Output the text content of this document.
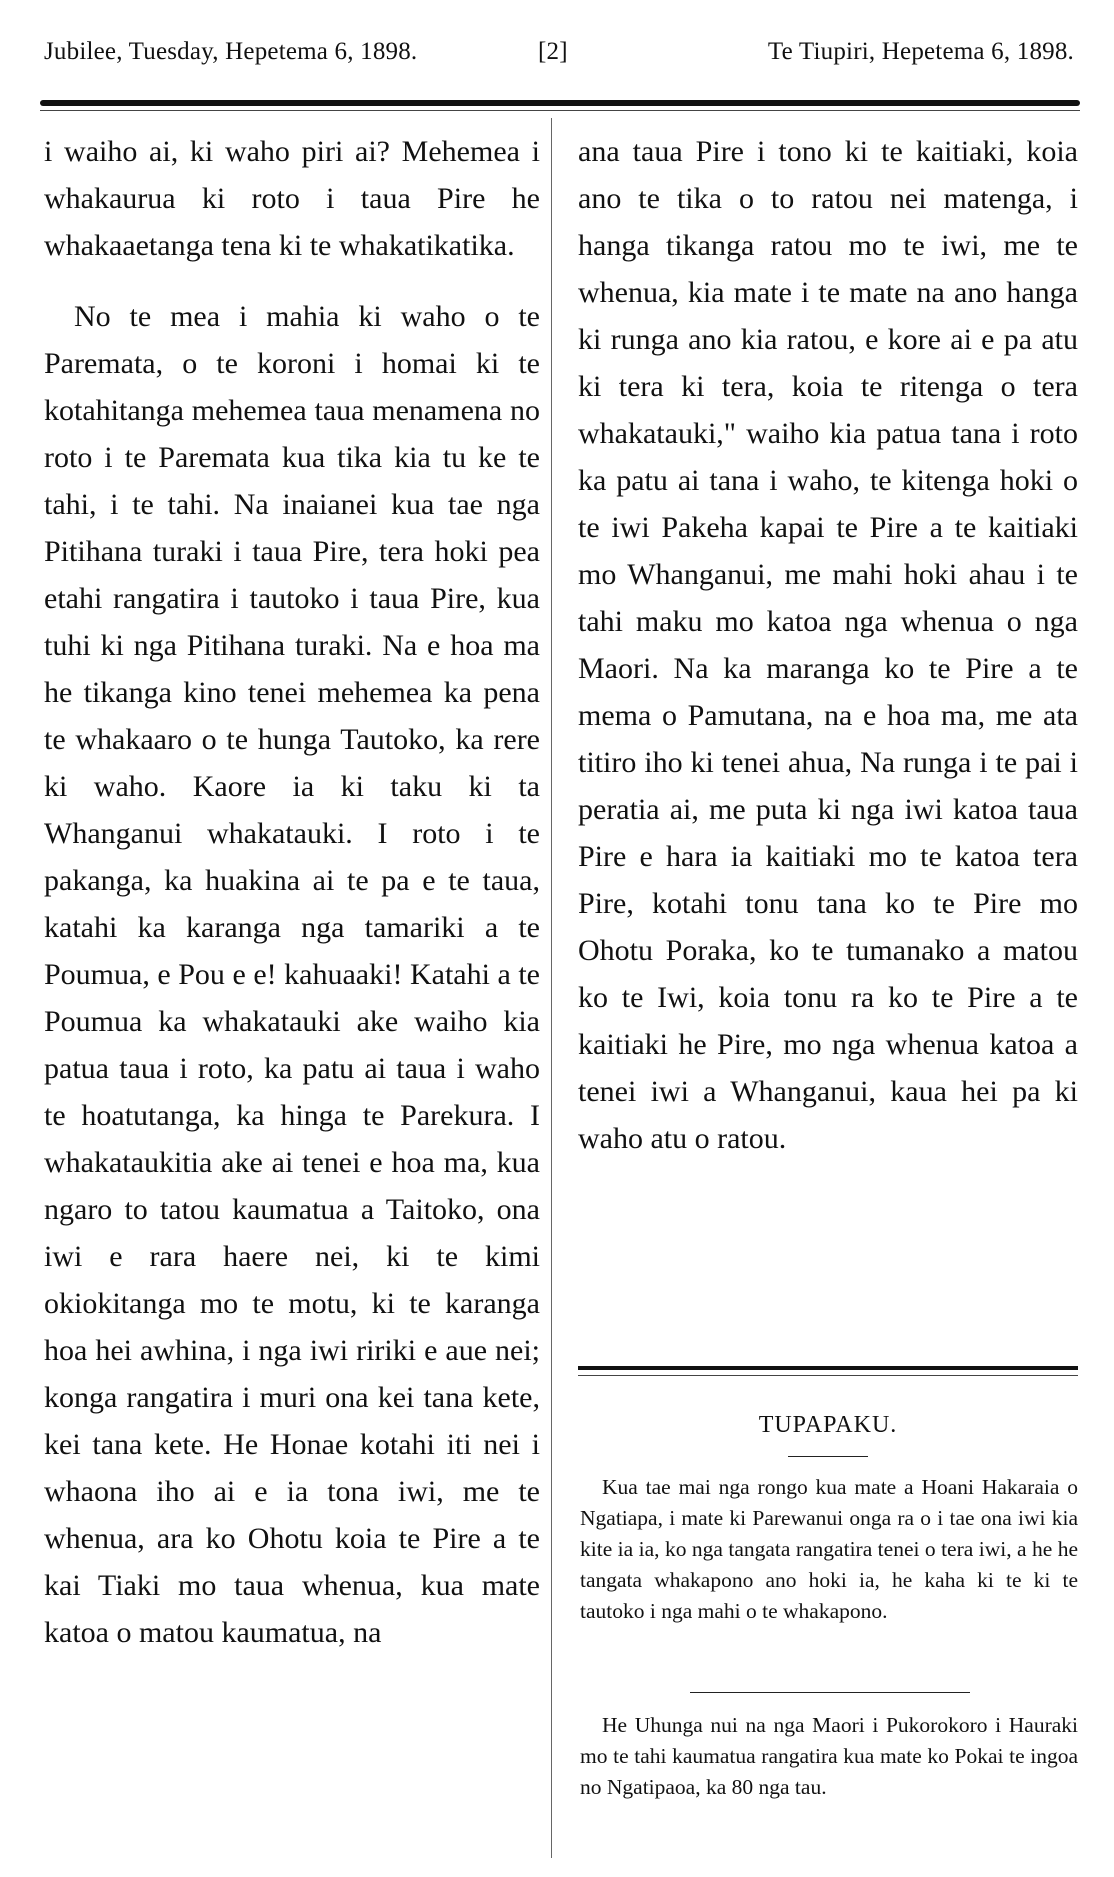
Jubilee, Tuesday, Hepetema 6, 1898.	[2]	Te Tiupiri, Hepetema 6, 1898.

i waiho ai, ki waho piri ai? Mehemea i whakaurua ki roto i taua Pire he whakaaetanga tena ki te whakatikatika.

No te mea i mahia ki waho o te Paremata, o te koroni i homai ki te kotahitanga mehemea taua menamena no roto i te Paremata kua tika kia tu ke te tahi, i te tahi. Na inaianei kua tae nga Pitihana turaki i taua Pire, tera hoki pea etahi rangatira i tautoko i taua Pire, kua tuhi ki nga Pitihana turaki. Na e hoa ma he tikanga kino tenei mehemea ka pena te whakaaro o te hunga Tautoko, ka rere ki waho. Kaore ia ki taku ki ta Whanganui whakatauki. I roto i te pakanga, ka huakina ai te pa e te taua, katahi ka karanga nga tamariki a te Poumua, e Pou e e! kahuaaki! Katahi a te Poumua ka whakatauki ake waiho kia patua taua i roto, ka patu ai taua i waho te hoatutanga, ka hinga te Parekura. I whakataukitia ake ai tenei e hoa ma, kua ngaro to tatou kaumatua a Taitoko, ona iwi e rara haere nei, ki te kimi okiokitanga mo te motu, ki te karanga hoa hei awhina, i nga iwi ririki e aue nei; konga rangatira i muri ona kei tana kete, kei tana kete. He Honae kotahi iti nei i whaona iho ai e ia tona iwi, me te whenua, ara ko Ohotu koia te Pire a te kai Tiaki mo taua whenua, kua mate katoa o matou kaumatua, na

ana taua Pire i tono ki te kaitiaki, koia ano te tika o to ratou nei matenga, i hanga tikanga ratou mo te iwi, me te whenua, kia mate i te mate na ano hanga ki runga ano kia ratou, e kore ai e pa atu ki tera ki tera, koia te ritenga o tera whakatauki," waiho kia patua tana i roto ka patu ai tana i waho, te kitenga hoki o te iwi Pakeha kapai te Pire a te kaitiaki mo Whanganui, me mahi hoki ahau i te tahi maku mo katoa nga whenua o nga Maori. Na ka maranga ko te Pire a te mema o Pamutana, na e hoa ma, me ata titiro iho ki tenei ahua, Na runga i te pai i peratia ai, me puta ki nga iwi katoa taua Pire e hara ia kaitiaki mo te katoa tera Pire, kotahi tonu tana ko te Pire mo Ohotu Poraka, ko te tumanako a matou ko te Iwi, koia tonu ra ko te Pire a te kaitiaki he Pire, mo nga whenua katoa a tenei iwi a Whanganui, kaua hei pa ki waho atu o ratou.

TUPAPAKU.

Kua tae mai nga rongo kua mate a Hoani Hakaraia o Ngatiapa, i mate ki Parewanui onga ra o i tae ona iwi kia kite ia ia, ko nga tangata rangatira tenei o tera iwi, a he he tangata whakapono ano hoki ia, he kaha ki te ki te tautoko i nga mahi o te whakapono.

He Uhunga nui na nga Maori i Pukorokoro i Hauraki mo te tahi kaumatua rangatira kua mate ko Pokai te ingoa no Ngatipaoa, ka 80 nga tau.
